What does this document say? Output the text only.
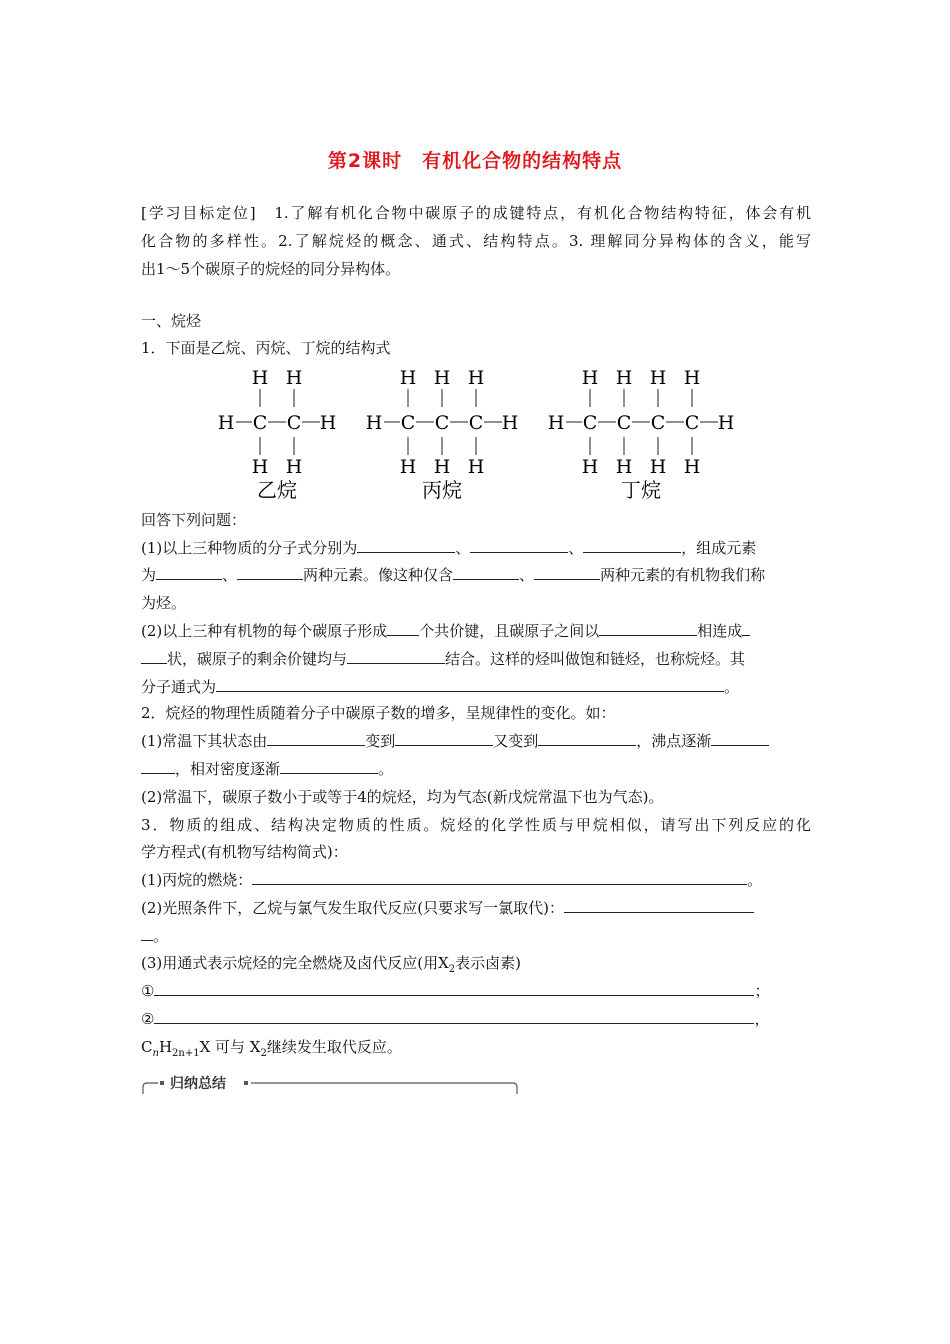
第2课时　有机化合物的结构特点
[学习目标定位]　1.了解有机化合物中碳原子的成键特点，有机化合物结构特征，体会有机
化合物的多样性。2.了解烷烃的概念、通式、结构特点。3. 理解同分异构体的含义，能写
出1～5个碳原子的烷烃的同分异构体。
一、烷烃
1．下面是乙烷、丙烷、丁烷的结构式
H C
H
H
C
H
H
H
乙烷
H C
H
H
C
H
H
C
H
H
H
丙烷
H C
H
H
C
H
H
C
H
H
C
H
H
H
丁烷
回答下列问题：
(1)以上三种物质的分子式分别为	、	、	，组成元素
为	、	两种元素。像这种仅含	、	两种元素的有机物我们称
为烃。
(2)以上三种有机物的每个碳原子形成 个共价键，且碳原子之间以	相连成
状，碳原子的剩余价键均与	结合。这样的烃叫做饱和链烃，也称烷烃。其
分子通式为	。
2．烷烃的物理性质随着分子中碳原子数的增多，呈规律性的变化。如：
(1)常温下其状态由	变到	又变到	，沸点逐渐
，相对密度逐渐	。
(2)常温下，碳原子数小于或等于4的烷烃，均为气态(新戊烷常温下也为气态)。
3．物质的组成、结构决定物质的性质。烷烃的化学性质与甲烷相似，请写出下列反应的化
学方程式(有机物写结构简式)：
(1)丙烷的燃烧：	。
(2)光照条件下，乙烷与氯气发生取代反应(只要求写一氯取代)：
。
(3)用通式表示烷烃的完全燃烧及卤代反应(用$X_2$表示卤素)
①	；
②	，
$C_nH_{2n+1}X$ 可与 $X_2$继续发生取代反应。
归纳总结
